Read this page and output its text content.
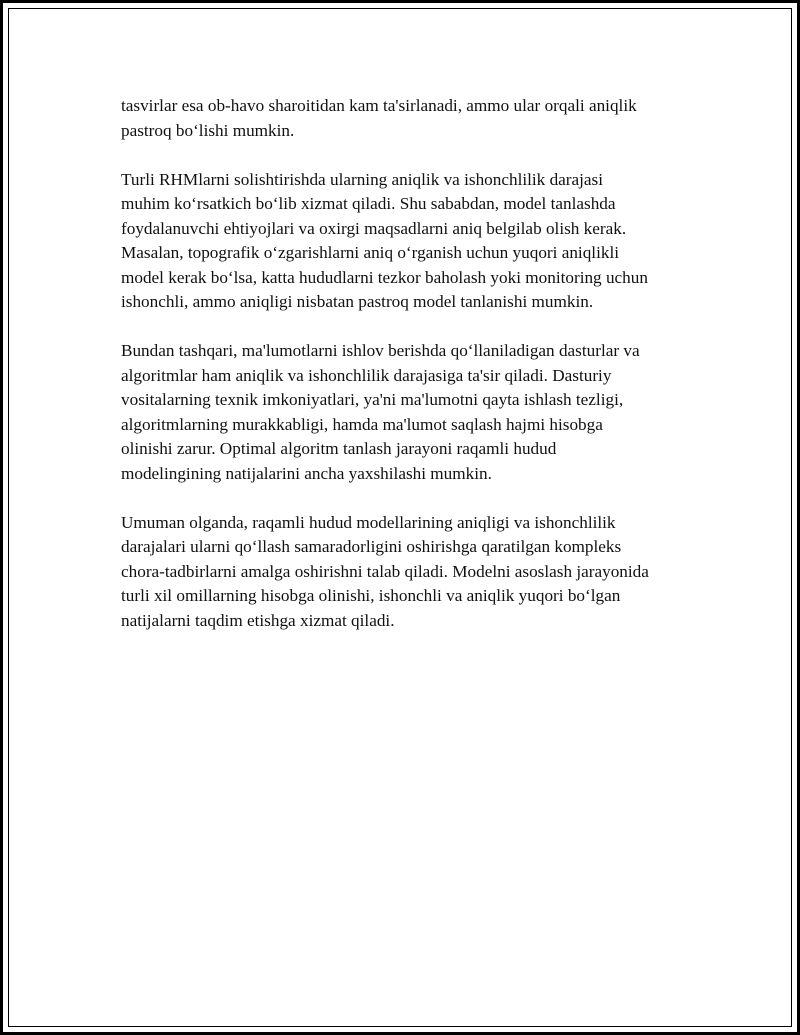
tasvirlar esa ob-havo sharoitidan kam ta'sirlanadi, ammo ular orqali aniqlik
pastroq boʻlishi mumkin.

Turli RHMlarni solishtirishda ularning aniqlik va ishonchlilik darajasi
muhim koʻrsatkich boʻlib xizmat qiladi. Shu sababdan, model tanlashda
foydalanuvchi ehtiyojlari va oxirgi maqsadlarni aniq belgilab olish kerak.
Masalan, topografik oʻzgarishlarni aniq oʻrganish uchun yuqori aniqlikli
model kerak boʻlsa, katta hududlarni tezkor baholash yoki monitoring uchun
ishonchli, ammo aniqligi nisbatan pastroq model tanlanishi mumkin.

Bundan tashqari, ma'lumotlarni ishlov berishda qoʻllaniladigan dasturlar va
algoritmlar ham aniqlik va ishonchlilik darajasiga ta'sir qiladi. Dasturiy
vositalarning texnik imkoniyatlari, ya'ni ma'lumotni qayta ishlash tezligi,
algoritmlarning murakkabligi, hamda ma'lumot saqlash hajmi hisobga
olinishi zarur. Optimal algoritm tanlash jarayoni raqamli hudud
modelingining natijalarini ancha yaxshilashi mumkin.

Umuman olganda, raqamli hudud modellarining aniqligi va ishonchlilik
darajalari ularni qoʻllash samaradorligini oshirishga qaratilgan kompleks
chora-tadbirlarni amalga oshirishni talab qiladi. Modelni asoslash jarayonida
turli xil omillarning hisobga olinishi, ishonchli va aniqlik yuqori boʻlgan
natijalarni taqdim etishga xizmat qiladi.
